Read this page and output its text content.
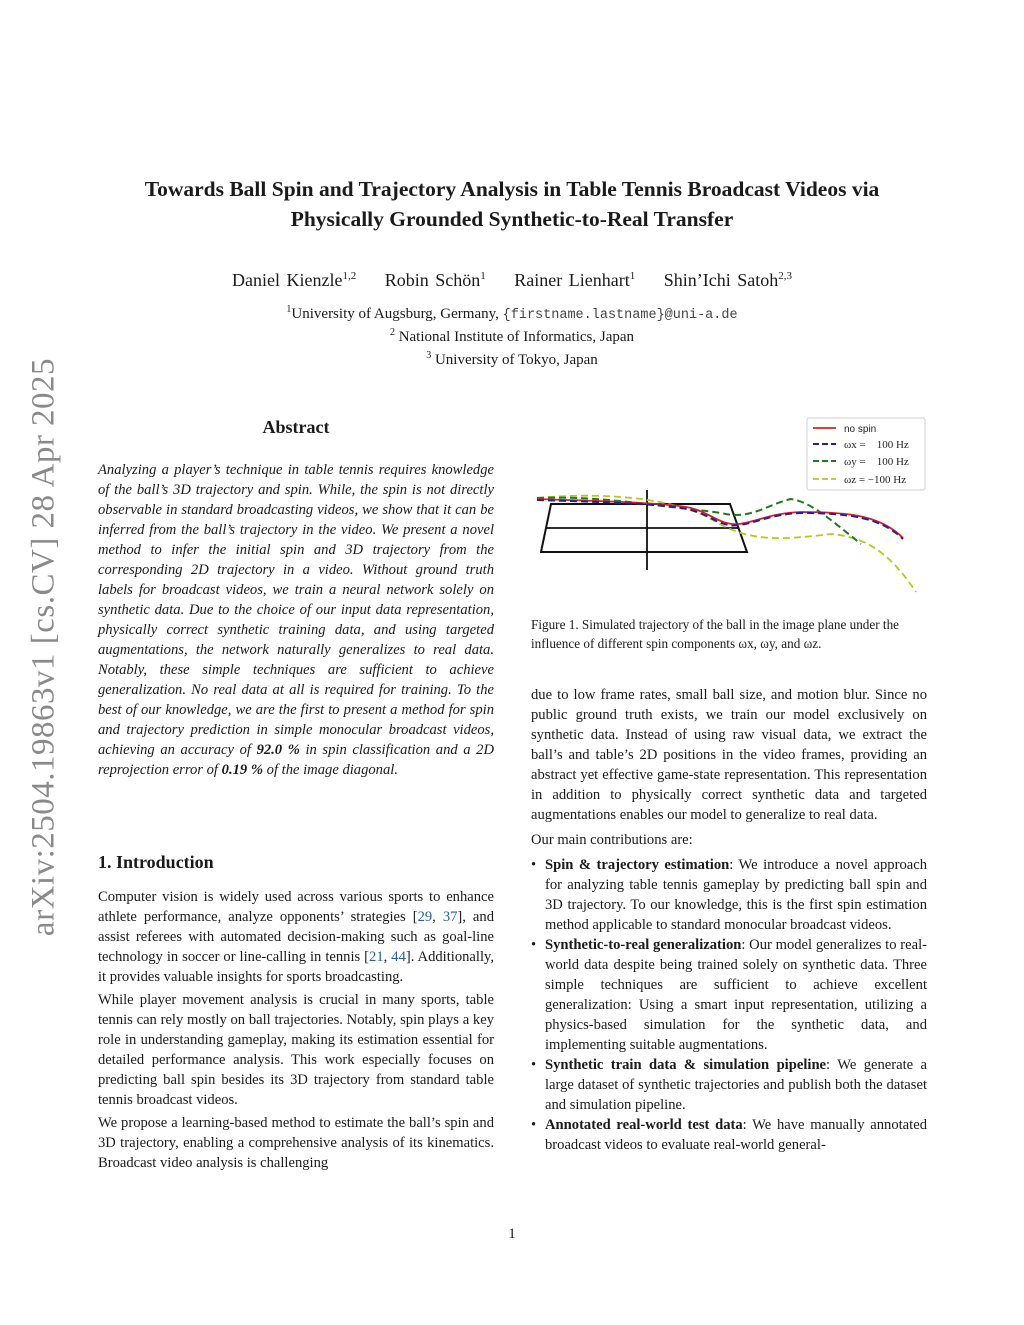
arXiv:2504.19863v1 [cs.CV] 28 Apr 2025
Towards Ball Spin and Trajectory Analysis in Table Tennis Broadcast Videos via
Physically Grounded Synthetic-to-Real Transfer
Daniel Kienzle$^{1,2}$ Robin Schön$^1$ Rainer Lienhart$^1$ Shin’Ichi Satoh$^{2,3}$
$^1$University of Augsburg, Germany, {firstname.lastname}@uni-a.de
$^2$ National Institute of Informatics, Japan
$^3$ University of Tokyo, Japan
Abstract
Analyzing a player’s technique in table tennis requires knowledge of the ball’s 3D trajectory and spin. While, the spin is not directly observable in standard broadcasting videos, we show that it can be inferred from the ball’s trajectory in the video. We present a novel method to infer the initial spin and 3D trajectory from the corresponding 2D trajectory in a video. Without ground truth labels for broadcast videos, we train a neural network solely on synthetic data. Due to the choice of our input data representation, physically correct synthetic training data, and using targeted augmentations, the network naturally generalizes to real data. Notably, these simple techniques are sufficient to achieve generalization. No real data at all is required for training. To the best of our knowledge, we are the first to present a method for spin and trajectory prediction in simple monocular broadcast videos, achieving an accuracy of 92.0 % in spin classification and a 2D reprojection error of 0.19 % of the image diagonal.
1. Introduction

Computer vision is widely used across various sports to enhance athlete performance, analyze opponents’ strategies [29, 37], and assist referees with automated decision-making such as goal-line technology in soccer or line-calling in tennis [21, 44]. Additionally, it provides valuable insights for sports broadcasting.

While player movement analysis is crucial in many sports, table tennis can rely mostly on ball trajectories. Notably, spin plays a key role in understanding gameplay, making its estimation essential for detailed performance analysis. This work especially focuses on predicting ball spin besides its 3D trajectory from standard table tennis broadcast videos.

We propose a learning-based method to estimate the ball’s spin and 3D trajectory, enabling a comprehensive analysis of its kinematics. Broadcast video analysis is challenging

no spin
ωx =    100 Hz
ωy =    100 Hz
ωz = −100 Hz
Figure 1. Simulated trajectory of the ball in the image plane under the influence of different spin components ωx, ωy, and ωz.

due to low frame rates, small ball size, and motion blur. Since no public ground truth exists, we train our model exclusively on synthetic data. Instead of using raw visual data, we extract the ball’s and table’s 2D positions in the video frames, providing an abstract yet effective game-state representation. This representation in addition to physically correct synthetic data and targeted augmentations enables our model to generalize to real data.

Our main contributions are:

• Spin & trajectory estimation: We introduce a novel approach for analyzing table tennis gameplay by predicting ball spin and 3D trajectory. To our knowledge, this is the first spin estimation method applicable to standard monocular broadcast videos.
• Synthetic-to-real generalization: Our model generalizes to real-world data despite being trained solely on synthetic data. Three simple techniques are sufficient to achieve excellent generalization: Using a smart input representation, utilizing a physics-based simulation for the synthetic data, and implementing suitable augmentations.
• Synthetic train data & simulation pipeline: We generate a large dataset of synthetic trajectories and publish both the dataset and simulation pipeline.
• Annotated real-world test data: We have manually annotated broadcast videos to evaluate real-world general-
1
